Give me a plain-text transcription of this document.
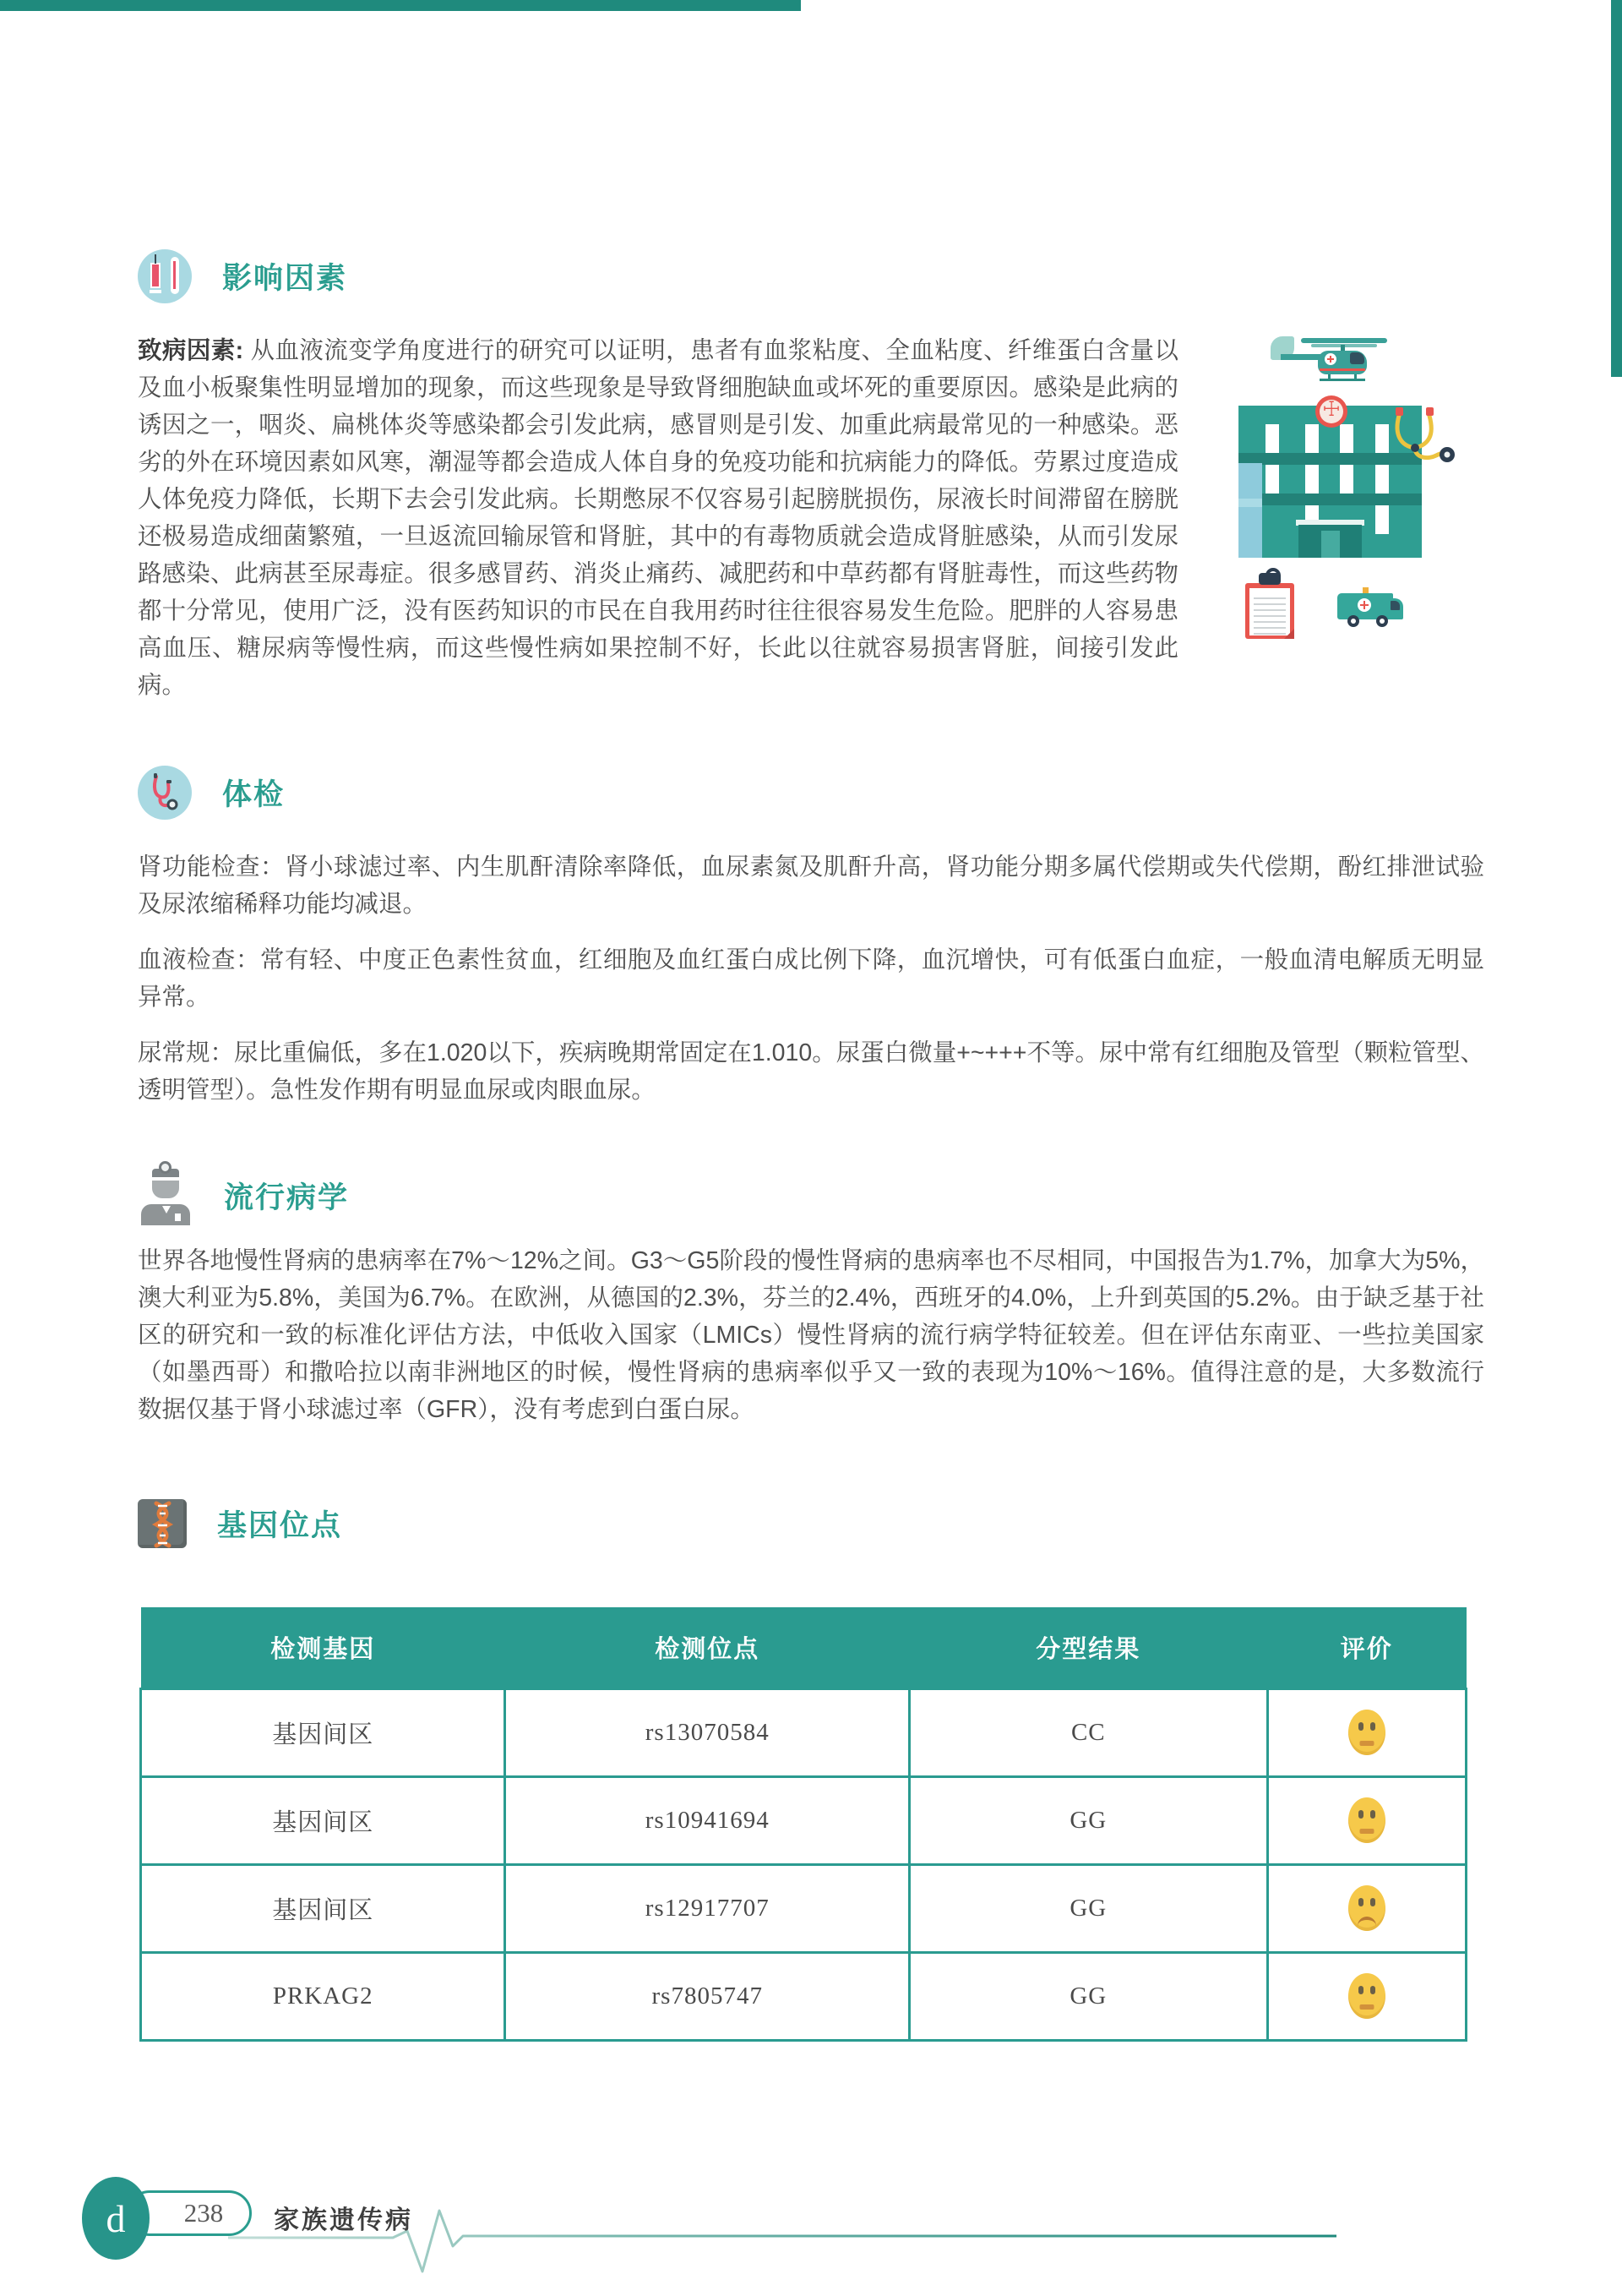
影响因素

致病因素: 从血液流变学角度进行的研究可以证明，患者有血浆粘度、全血粘度、纤维蛋白含量以及血小板聚集性明显增加的现象，而这些现象是导致肾细胞缺血或坏死的重要原因。感染是此病的诱因之一，咽炎、扁桃体炎等感染都会引发此病，感冒则是引发、加重此病最常见的一种感染。恶劣的外在环境因素如风寒，潮湿等都会造成人体自身的免疫功能和抗病能力的降低。劳累过度造成人体免疫力降低，长期下去会引发此病。长期憋尿不仅容易引起膀胱损伤，尿液长时间滞留在膀胱还极易造成细菌繁殖，一旦返流回输尿管和肾脏，其中的有毒物质就会造成肾脏感染，从而引发尿路感染、此病甚至尿毒症。很多感冒药、消炎止痛药、减肥药和中草药都有肾脏毒性，而这些药物都十分常见，使用广泛，没有医药知识的市民在自我用药时往往很容易发生危险。肥胖的人容易患高血压、糖尿病等慢性病，而这些慢性病如果控制不好，长此以往就容易损害肾脏，间接引发此病。

☩
体检

肾功能检查：肾小球滤过率、内生肌酐清除率降低，血尿素氮及肌酐升高，肾功能分期多属代偿期或失代偿期，酚红排泄试验及尿浓缩稀释功能均减退。

血液检查：常有轻、中度正色素性贫血，红细胞及血红蛋白成比例下降，血沉增快，可有低蛋白血症，一般血清电解质无明显异常。

尿常规：尿比重偏低，多在1.020以下，疾病晚期常固定在1.010。尿蛋白微量+~+++不等。尿中常有红细胞及管型（颗粒管型、透明管型）。急性发作期有明显血尿或肉眼血尿。

流行病学

世界各地慢性肾病的患病率在7%～12%之间。G3～G5阶段的慢性肾病的患病率也不尽相同，中国报告为1.7%，加拿大为5%，澳大利亚为5.8%，美国为6.7%。在欧洲，从德国的2.3%，芬兰的2.4%，西班牙的4.0%，上升到英国的5.2%。由于缺乏基于社区的研究和一致的标准化评估方法，中低收入国家（LMICs）慢性肾病的流行病学特征较差。但在评估东南亚、一些拉美国家（如墨西哥）和撒哈拉以南非洲地区的时候，慢性肾病的患病率似乎又一致的表现为10%～16%。值得注意的是，大多数流行数据仅基于肾小球滤过率（GFR），没有考虑到白蛋白尿。

基因位点
检测基因	检测位点	分型结果	评价
基因间区	rs13070584	CC	

基因间区	rs10941694	GG	

基因间区	rs12917707	GG	

PRKAG2	rs7805747	GG	
238
d	家族遗传病
